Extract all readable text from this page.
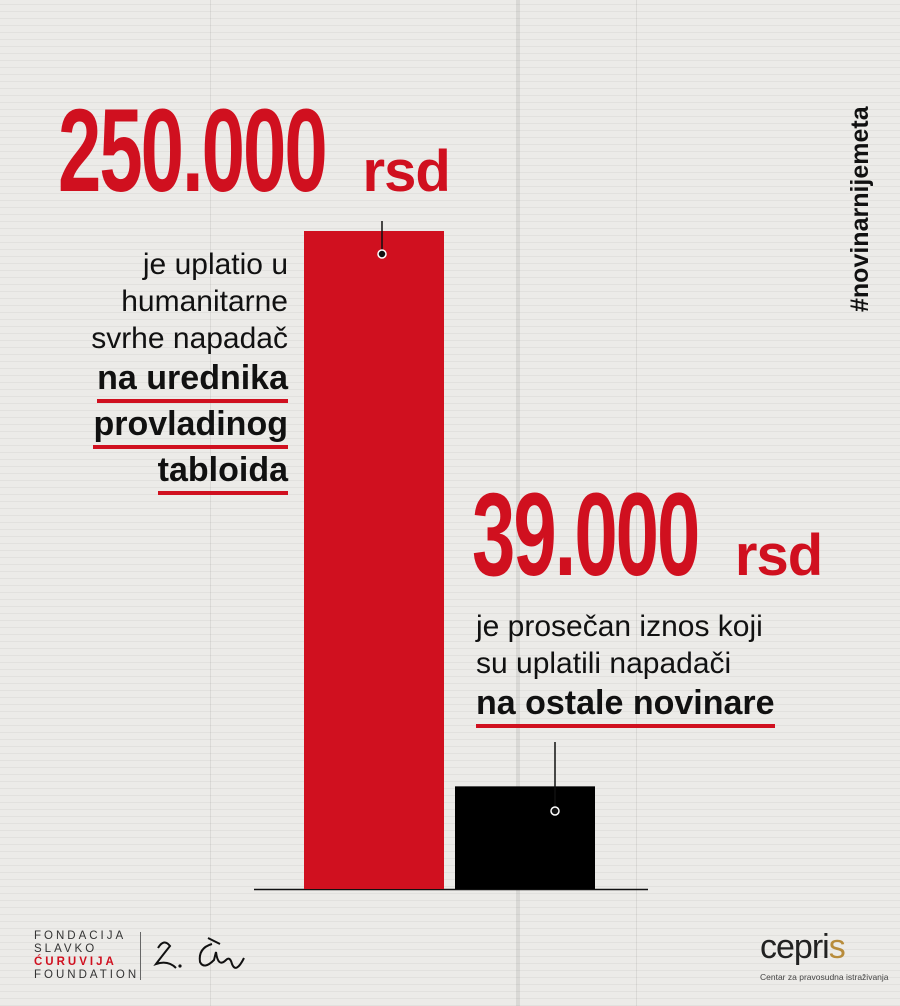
250.000 rsd
je uplatio u
humanitarne
svrhe napadač
na urednika
provladinog
tabloida 39.000 rsd
je prosečan iznos koji
su uplatili napadači
na ostale novinare
#novinarnijemeta
FONDACIJA
SLAVKO
ĆURUVIJA
FOUNDATION
cepris
Centar za pravosudna istraživanja
